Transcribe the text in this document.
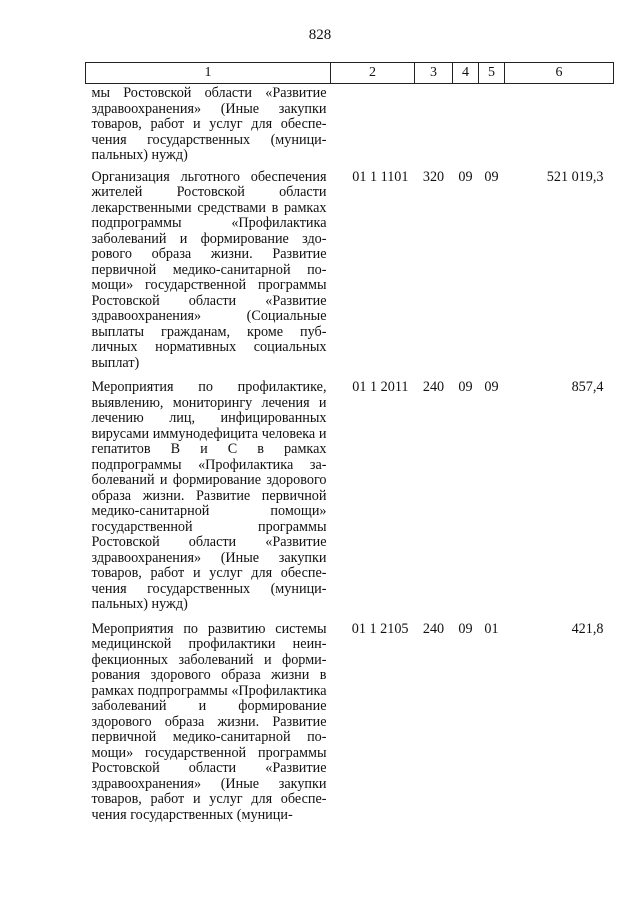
828
1	2	3	4	5	6
мы Ростовской области «Развитие здравоохранения» (Иные закупки товаров, работ и услуг для обеспечения государственных (муниципальных) нужд)					
Организация льготного обеспечения жителей Ростовской области лекарственными средствами в рамках подпрограммы «Профилактика заболеваний и формирование здорового образа жизни. Развитие первичной медико-санитарной помощи» государственной программы Ростовской области «Развитие здравоохранения» (Социальные выплаты гражданам, кроме публичных нормативных социальных выплат)	01 1 1101	320	09	09	521 019,3
Мероприятия по профилактике, выявлению, мониторингу лечения и лечению лиц, инфицированных вирусами иммунодефицита человека и гепатитов В и С в рамках подпрограммы «Профилактика заболеваний и формирование здорового образа жизни. Развитие первичной медико-санитарной помощи» государственной программы Ростовской области «Развитие здравоохранения» (Иные закупки товаров, работ и услуг для обеспечения государственных (муниципальных) нужд)	01 1 2011	240	09	09	857,4
Мероприятия по развитию системы медицинской профилактики неинфекционных заболеваний и формирования здорового образа жизни в рамках подпрограммы «Профилактика заболеваний и формирование здорового образа жизни. Развитие первичной медико-санитарной помощи» государственной программы Ростовской области «Развитие здравоохранения» (Иные закупки товаров, работ и услуг для обеспечения государственных (муници-	01 1 2105	240	09	01	421,8
